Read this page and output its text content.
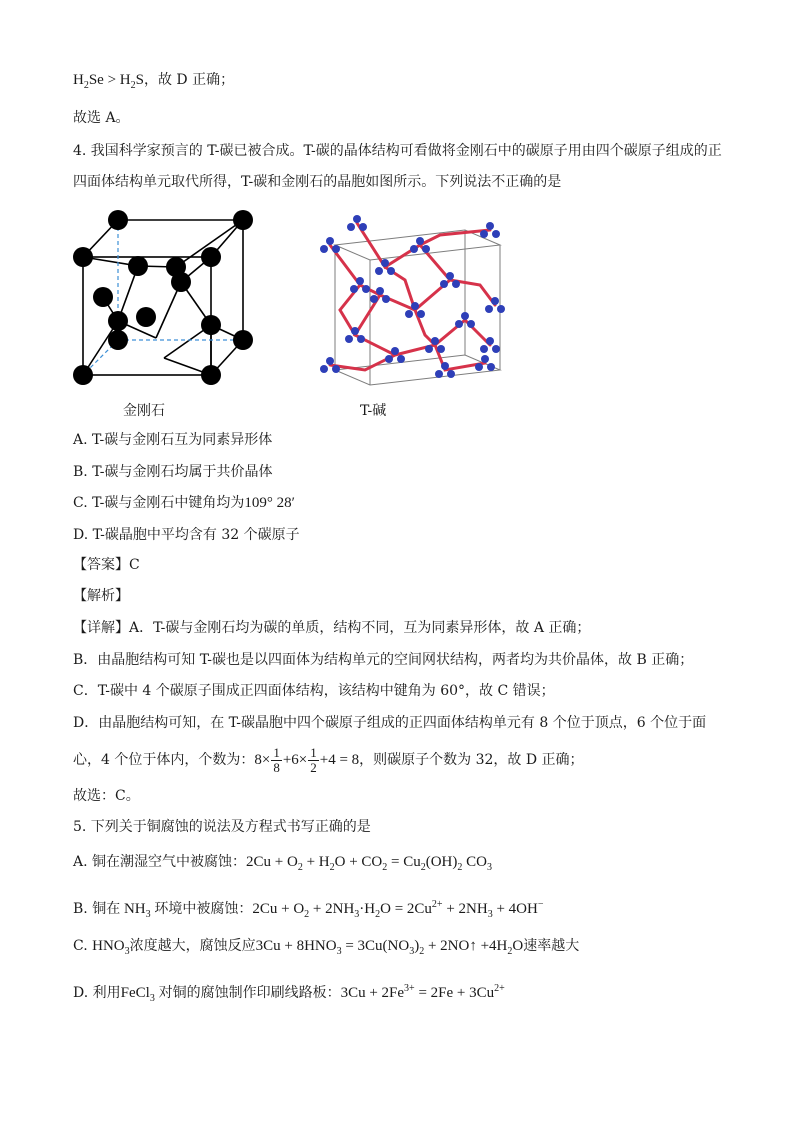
$H_2Se > H_2S$，故 D 正确；
故选 A。
4. 我国科学家预言的 T-碳已被合成。T-碳的晶体结构可看做将金刚石中的碳原子用由四个碳原子组成的正
四面体结构单元取代所得，T-碳和金刚石的晶胞如图所示。下列说法不正确的是
金刚石	T-碱
A. T-碳与金刚石互为同素异形体
B. T-碳与金刚石均属于共价晶体
C. T-碳与金刚石中键角均为109° 28′
D. T-碳晶胞中平均含有 32 个碳原子
【答案】C
【解析】
【详解】A．T-碳与金刚石均为碳的单质，结构不同，互为同素异形体，故 A 正确；
B．由晶胞结构可知 T-碳也是以四面体为结构单元的空间网状结构，两者均为共价晶体，故 B 正确；
C．T-碳中 4 个碳原子围成正四面体结构，该结构中键角为 60°，故 C 错误；
D．由晶胞结构可知，在 T-碳晶胞中四个碳原子组成的正四面体结构单元有 8 个位于顶点，6 个位于面
心，4 个位于体内，个数为：$8\times \frac{1}{8} +6\times \frac{1}{2} +4 = 8$，则碳原子个数为 32，故 D 正确；
故选：C。
5. 下列关于铜腐蚀的说法及方程式书写正确的是
A. 铜在潮湿空气中被腐蚀：$2Cu + O_2 + H_2O + CO_2 = Cu_2(OH)_2$ $CO_3$
B. 铜在 $NH_3$ 环境中被腐蚀：$2Cu + O_2 + 2NH_3\cdot H_2O = 2Cu^{2+} + 2NH_3 + 4OH^-$
C. $HNO_3$浓度越大，腐蚀反应$3Cu + 8HNO_3 = 3Cu(NO_3)_2$ + 2NO↑ $+4H_2O$速率越大
D. 利用FeCl$_3$ 对铜的腐蚀制作印刷线路板：$3Cu + 2Fe^{3+} = 2Fe + 3Cu^{2+}$
